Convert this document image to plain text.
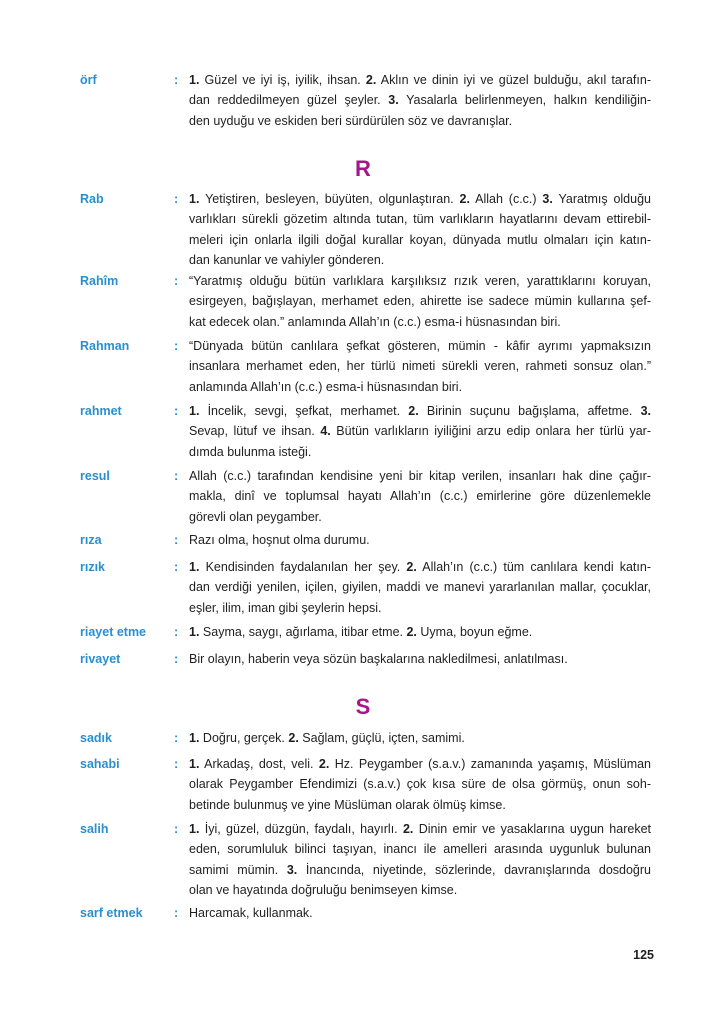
örf	: 1. Güzel ve iyi iş, iyilik, ihsan. 2. Aklın ve dinin iyi ve güzel bulduğu, akıl tarafın-
dan reddedilmeyen güzel şeyler. 3. Yasalarla belirlenmeyen, halkın kendiliğin-
den uyduğu ve eskiden beri sürdürülen söz ve davranışlar.
R
Rab	: 1. Yetiştiren, besleyen, büyüten, olgunlaştıran. 2. Allah (c.c.) 3. Yaratmış olduğu
varlıkları sürekli gözetim altında tutan, tüm varlıkların hayatlarını devam ettirebil-
meleri için onlarla ilgili doğal kurallar koyan, dünyada mutlu olmaları için katın-
dan kanunlar ve vahiyler gönderen.
Rahîm	: “Yaratmış olduğu bütün varlıklara karşılıksız rızık veren, yarattıklarını koruyan,
esirgeyen, bağışlayan, merhamet eden, ahirette ise sadece mümin kullarına şef-
kat edecek olan.” anlamında Allah’ın (c.c.) esma-i hüsnasından biri.
Rahman	: “Dünyada bütün canlılara şefkat gösteren, mümin - kâfir ayrımı yapmaksızın
insanlara merhamet eden, her türlü nimeti sürekli veren, rahmeti sonsuz olan.”
anlamında Allah’ın (c.c.) esma-i hüsnasından biri.
rahmet	: 1. İncelik, sevgi, şefkat, merhamet. 2. Birinin suçunu bağışlama, affetme. 3.
Sevap, lütuf ve ihsan. 4. Bütün varlıkların iyiliğini arzu edip onlara her türlü yar-
dımda bulunma isteği.
resul	: Allah (c.c.) tarafından kendisine yeni bir kitap verilen, insanları hak dine çağır-
makla, dinî ve toplumsal hayatı Allah’ın (c.c.) emirlerine göre düzenlemekle
görevli olan peygamber.
rıza	: Razı olma, hoşnut olma durumu.
rızık	: 1. Kendisinden faydalanılan her şey. 2. Allah’ın (c.c.) tüm canlılara kendi katın-
dan verdiği yenilen, içilen, giyilen, maddi ve manevi yararlanılan mallar, çocuklar,
eşler, ilim, iman gibi şeylerin hepsi.
riayet etme : 1. Sayma, saygı, ağırlama, itibar etme. 2. Uyma, boyun eğme.
rivayet	: Bir olayın, haberin veya sözün başkalarına nakledilmesi, anlatılması.
S
sadık	: 1. Doğru, gerçek. 2. Sağlam, güçlü, içten, samimi.
sahabi	: 1. Arkadaş, dost, veli. 2. Hz. Peygamber (s.a.v.) zamanında yaşamış, Müslüman
olarak Peygamber Efendimizi (s.a.v.) çok kısa süre de olsa görmüş, onun soh-
betinde bulunmuş ve yine Müslüman olarak ölmüş kimse.
salih	: 1. İyi, güzel, düzgün, faydalı, hayırlı. 2. Dinin emir ve yasaklarına uygun hareket
eden, sorumluluk bilinci taşıyan, inancı ile amelleri arasında uygunluk bulunan
samimi mümin. 3. İnancında, niyetinde, sözlerinde, davranışlarında dosdoğru
olan ve hayatında doğruluğu benimseyen kimse.
sarf etmek	: Harcamak, kullanmak.
125
